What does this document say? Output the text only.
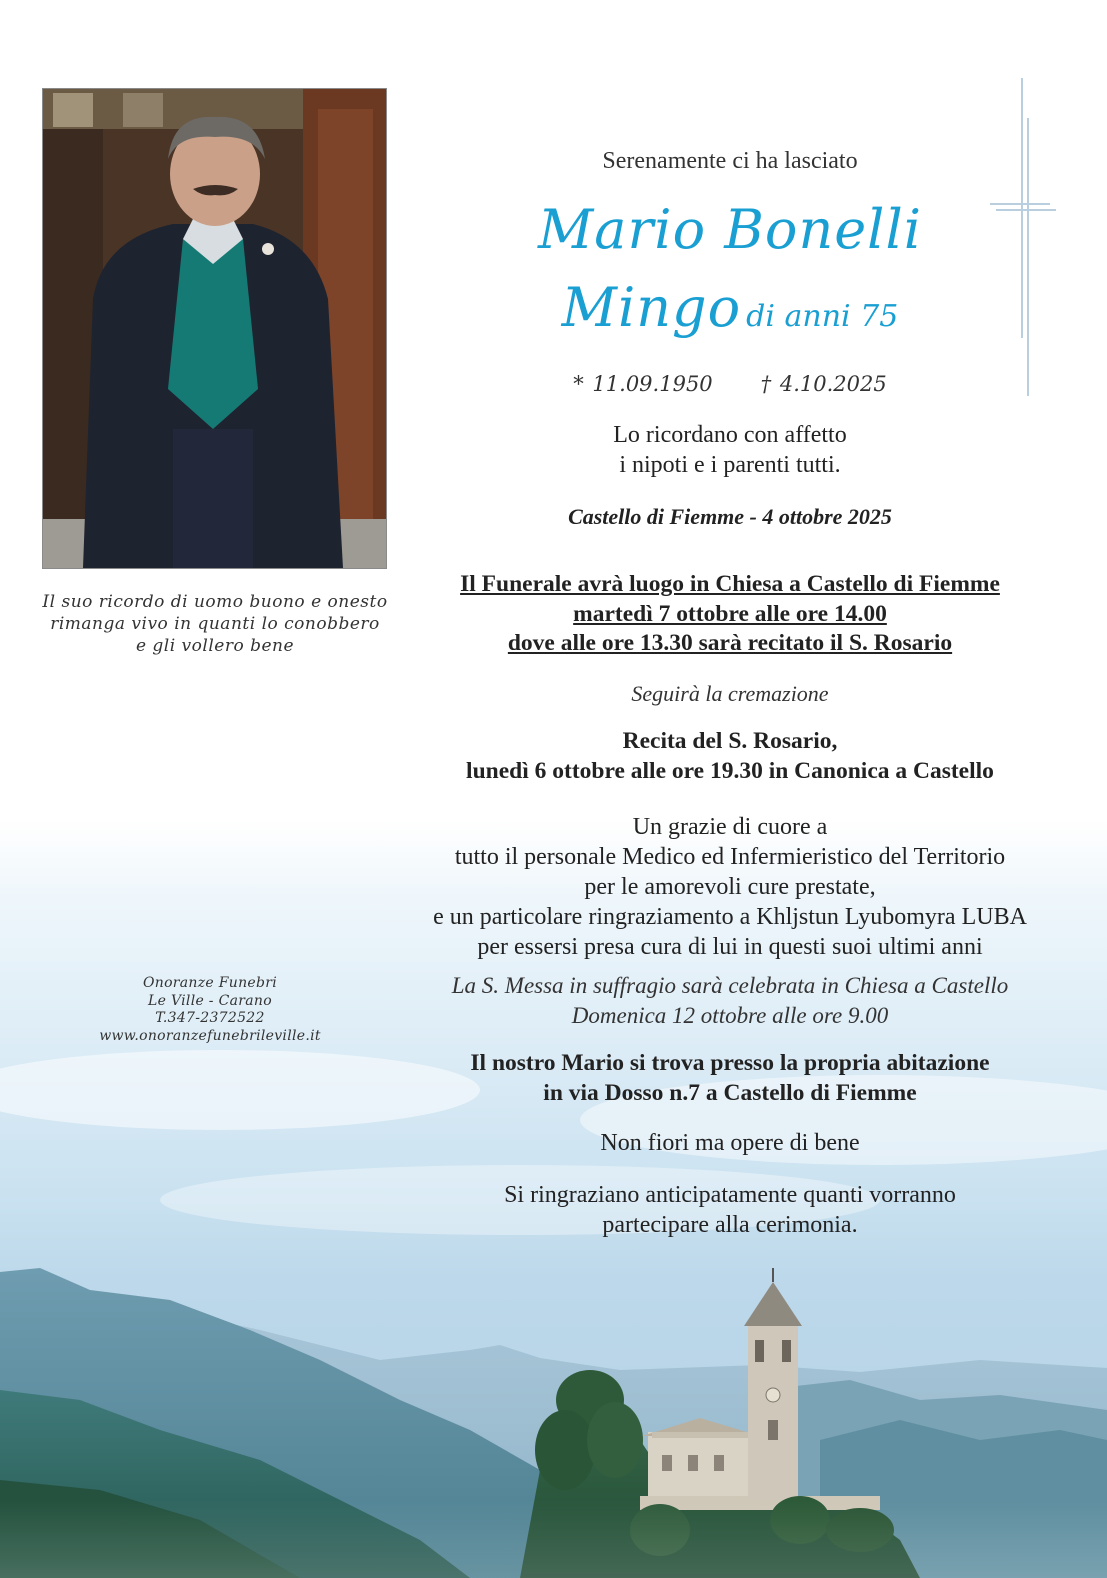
Il suo ricordo di uomo buono e onesto
rimanga vivo in quanti lo conobbero
e gli vollero bene
Onoranze Funebri
Le Ville - Carano
T.347-2372522
www.onoranzefunebrileville.it
Serenamente ci ha lasciato
Mario Bonelli
Mingo di anni 75
* 11.09.1950 † 4.10.2025
Lo ricordano con affetto
i nipoti e i parenti tutti.
Castello di Fiemme - 4 ottobre 2025
Il Funerale avrà luogo in Chiesa a Castello di Fiemme
martedì 7 ottobre alle ore 14.00
dove alle ore 13.30 sarà recitato il S. Rosario
Seguirà la cremazione
Recita del S. Rosario,
lunedì 6 ottobre alle ore 19.30 in Canonica a Castello
Un grazie di cuore a
tutto il personale Medico ed Infermieristico del Territorio
per le amorevoli cure prestate,
e un particolare ringraziamento a Khljstun Lyubomyra LUBA
per essersi presa cura di lui in questi suoi ultimi anni
La S. Messa in suffragio sarà celebrata in Chiesa a Castello
Domenica 12 ottobre alle ore 9.00
Il nostro Mario si trova presso la propria abitazione
in via Dosso n.7 a Castello di Fiemme
Non fiori ma opere di bene
Si ringraziano anticipatamente quanti vorranno
partecipare alla cerimonia.
